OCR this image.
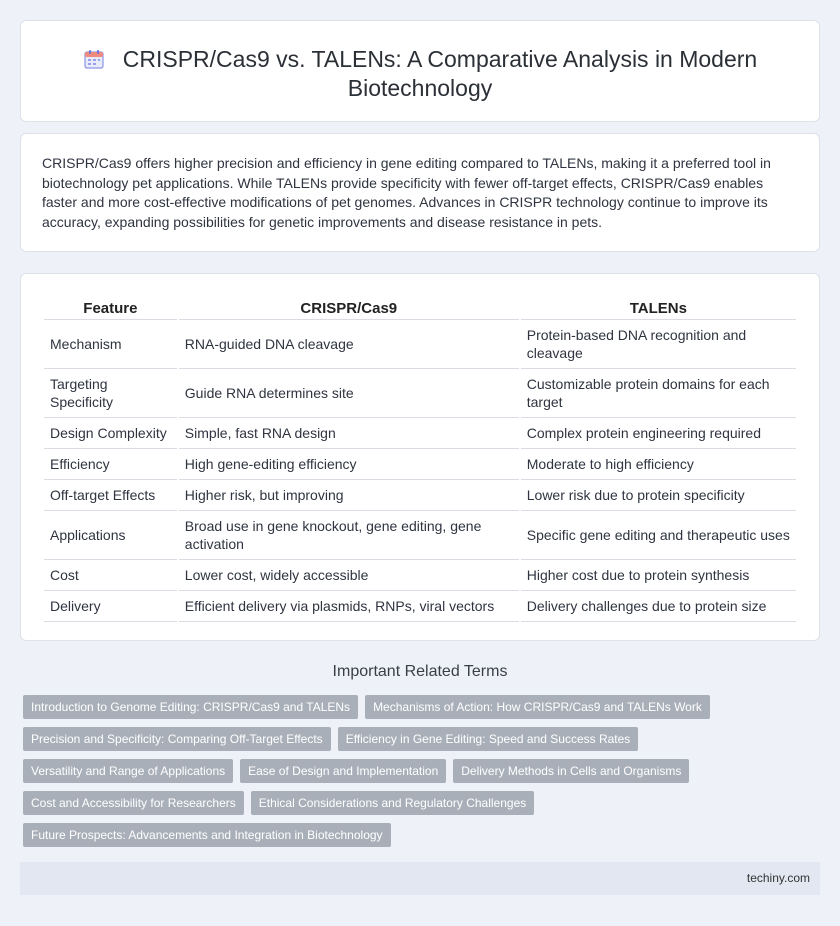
CRISPR/Cas9 vs. TALENs: A Comparative Analysis in Modern Biotechnology

CRISPR/Cas9 offers higher precision and efficiency in gene editing compared to TALENs, making it a preferred tool in biotechnology pet applications. While TALENs provide specificity with fewer off-target effects, CRISPR/Cas9 enables faster and more cost-effective modifications of pet genomes. Advances in CRISPR technology continue to improve its accuracy, expanding possibilities for genetic improvements and disease resistance in pets.

Feature	CRISPR/Cas9	TALENs
Mechanism	RNA-guided DNA cleavage	Protein-based DNA recognition and cleavage
Targeting Specificity	Guide RNA determines site	Customizable protein domains for each target
Design Complexity	Simple, fast RNA design	Complex protein engineering required
Efficiency	High gene-editing efficiency	Moderate to high efficiency
Off-target Effects	Higher risk, but improving	Lower risk due to protein specificity
Applications	Broad use in gene knockout, gene editing, gene activation	Specific gene editing and therapeutic uses
Cost	Lower cost, widely accessible	Higher cost due to protein synthesis
Delivery	Efficient delivery via plasmids, RNPs, viral vectors	Delivery challenges due to protein size
Important Related Terms
Introduction to Genome Editing: CRISPR/Cas9 and TALENs	Mechanisms of Action: How CRISPR/Cas9 and TALENs Work
Precision and Specificity: Comparing Off-Target Effects	Efficiency in Gene Editing: Speed and Success Rates
Versatility and Range of Applications	Ease of Design and Implementation	Delivery Methods in Cells and Organisms
Cost and Accessibility for Researchers	Ethical Considerations and Regulatory Challenges
Future Prospects: Advancements and Integration in Biotechnology
techiny.com
